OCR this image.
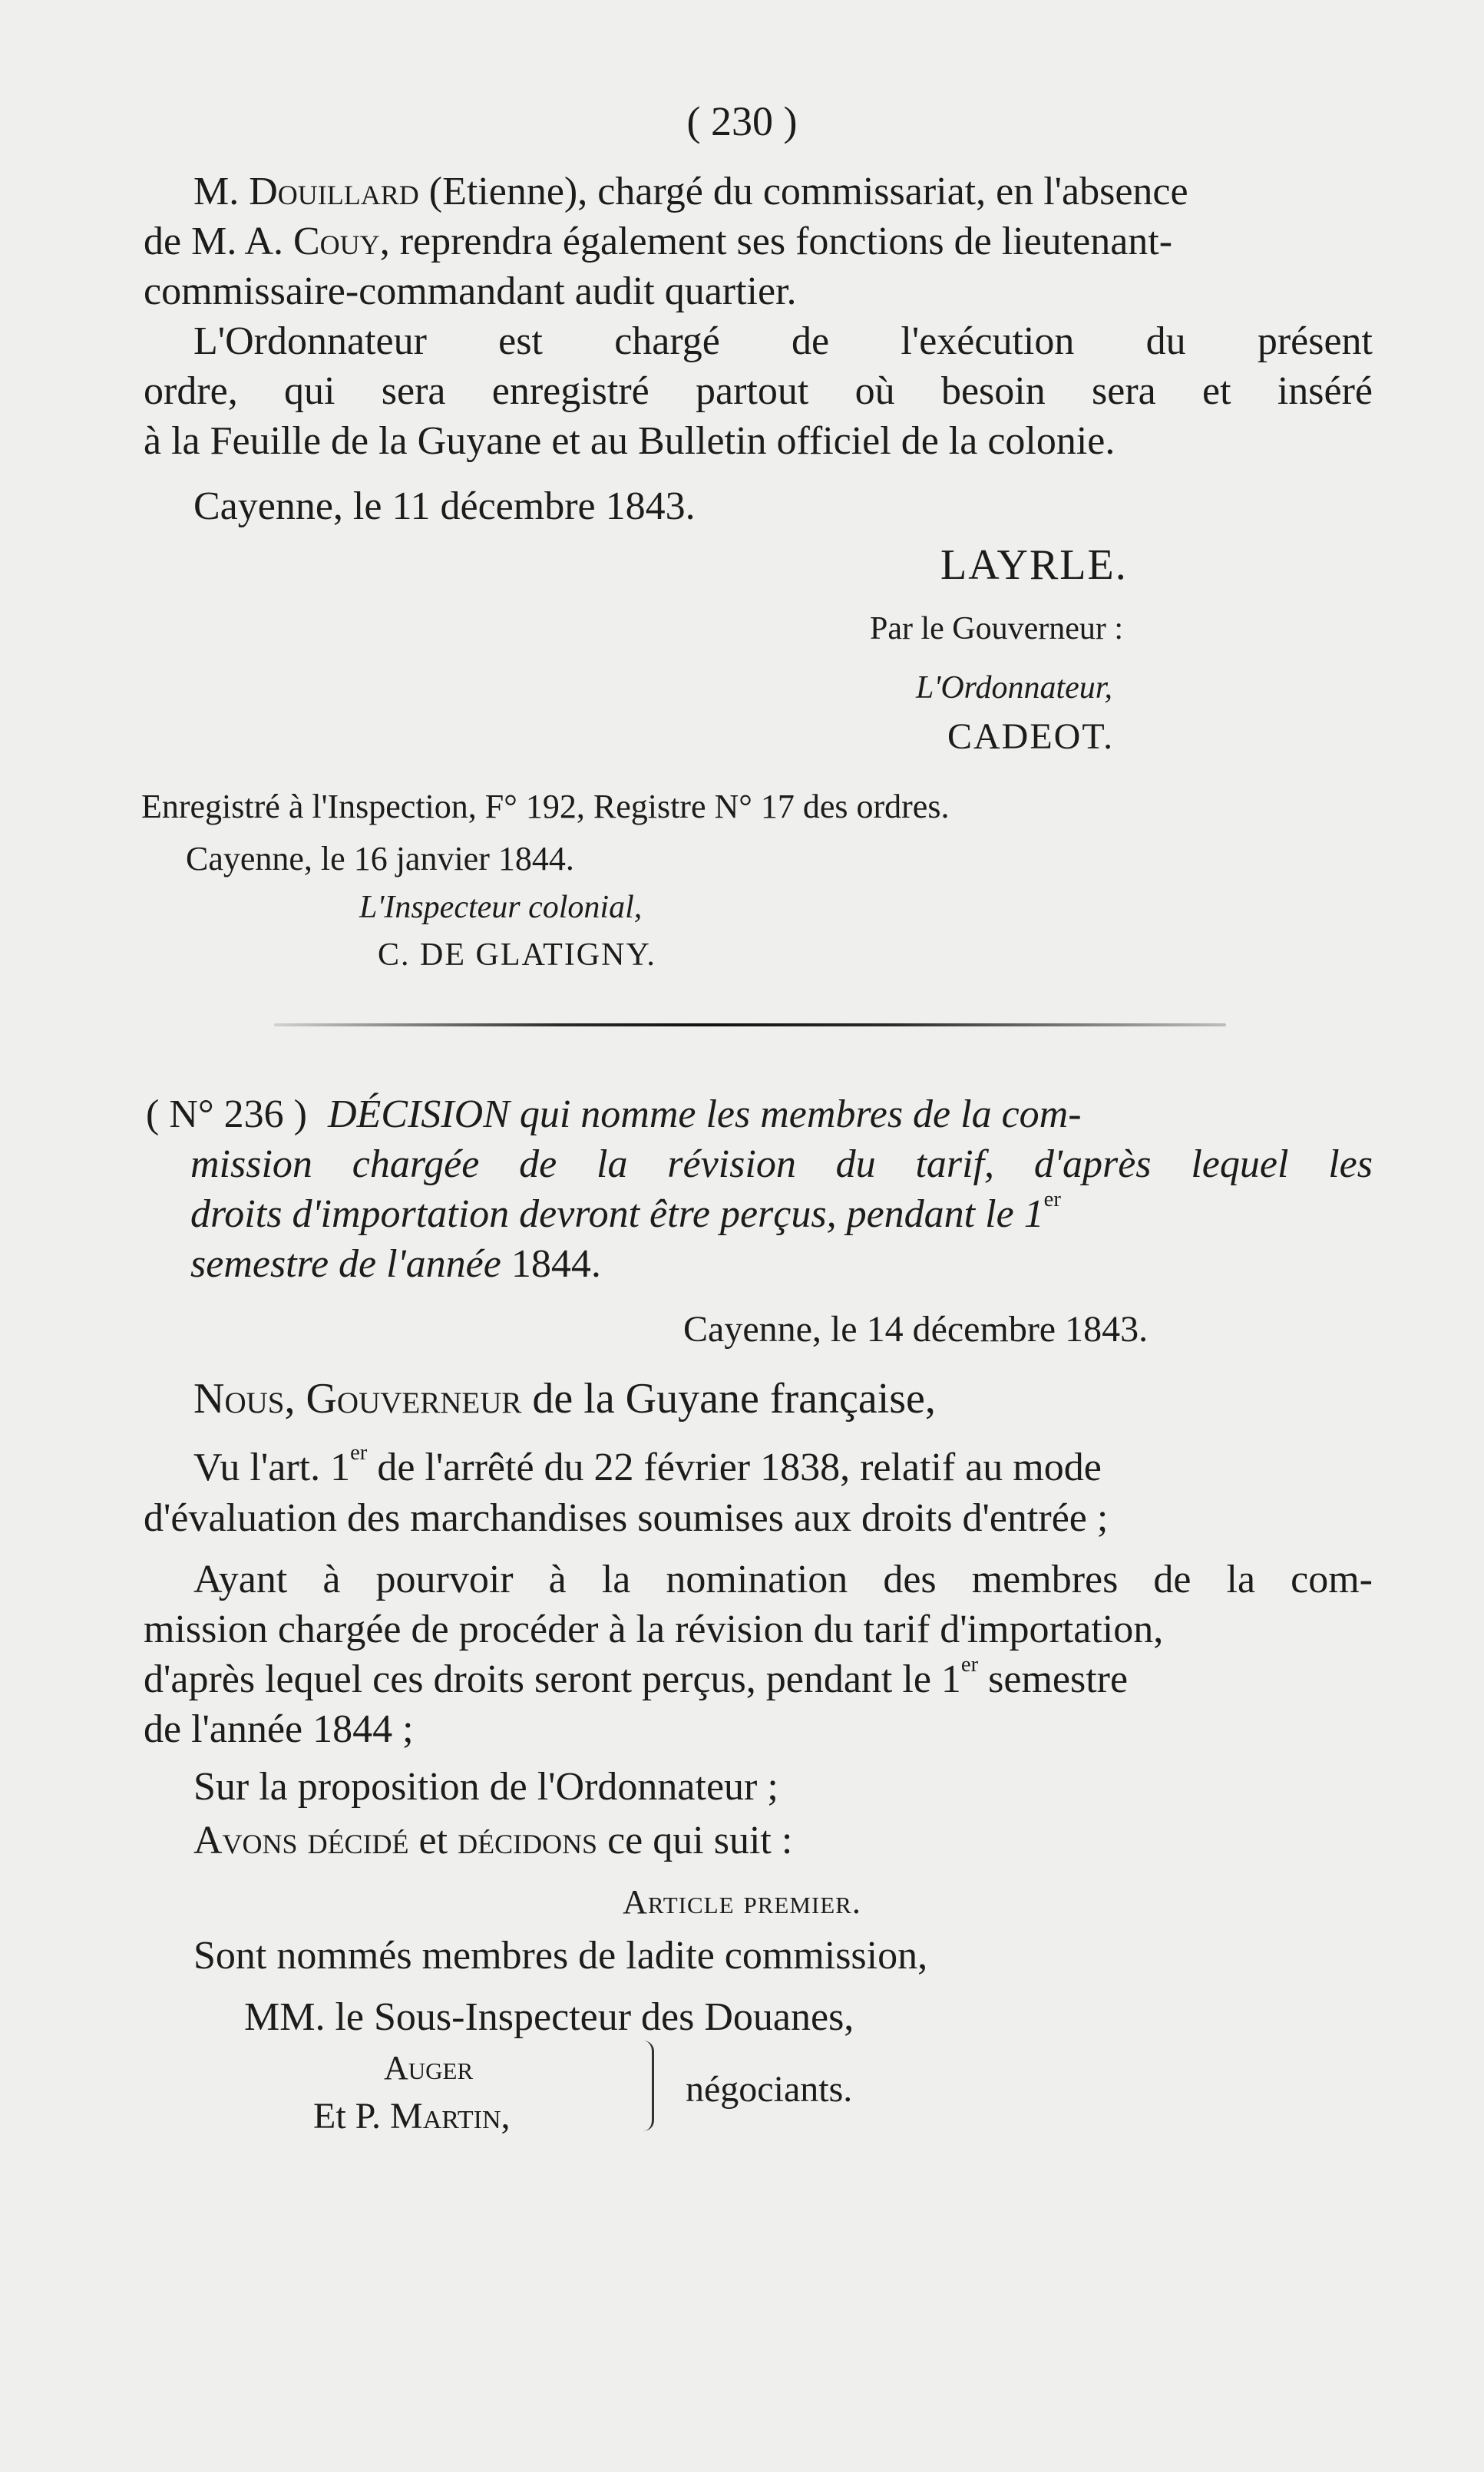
( 230 )

M. Douillard (Etienne), chargé du commissariat, en l'absence

de M. A. Couy, reprendra également ses fonctions de lieutenant-

commissaire-commandant audit quartier.

L'Ordonnateur est chargé de l'exécution du présent

ordre, qui sera enregistré partout où besoin sera et inséré

à la Feuille de la Guyane et au Bulletin officiel de la colonie.

Cayenne, le 11 décembre 1843.

LAYRLE.

Par le Gouverneur :

L'Ordonnateur,

CADEOT.

Enregistré à l'Inspection, F° 192, Registre N° 17 des ordres.

Cayenne, le 16 janvier 1844.

L'Inspecteur colonial,

C. DE GLATIGNY.

( N° 236 ) DÉCISION qui nomme les membres de la com-

mission chargée de la révision du tarif, d'après lequel les

droits d'importation devront être perçus, pendant le 1er

semestre de l'année 1844.

Cayenne, le 14 décembre 1843.

Nous, Gouverneur de la Guyane française,

Vu l'art. 1er de l'arrêté du 22 février 1838, relatif au mode

d'évaluation des marchandises soumises aux droits d'entrée ;

Ayant à pourvoir à la nomination des membres de la com-

mission chargée de procéder à la révision du tarif d'importation,

d'après lequel ces droits seront perçus, pendant le 1er semestre

de l'année 1844 ;

Sur la proposition de l'Ordonnateur ;

Avons décidé et décidons ce qui suit :

Article premier.

Sont nommés membres de ladite commission,

MM. le Sous-Inspecteur des Douanes,

Auger

Et P. Martin,

négociants.
